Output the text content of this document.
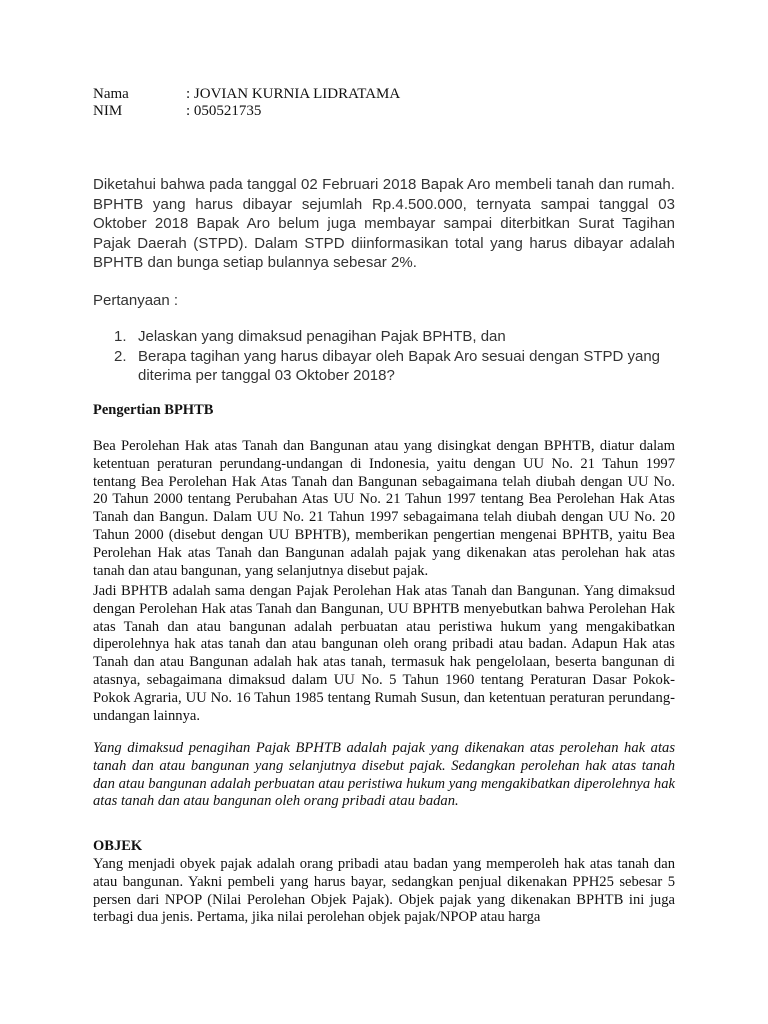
Nama	: JOVIAN KURNIA LIDRATAMA
NIM	: 050521735

Diketahui bahwa pada tanggal 02 Februari 2018 Bapak Aro membeli tanah dan rumah. BPHTB yang harus dibayar sejumlah Rp.4.500.000, ternyata sampai tanggal 03 Oktober 2018 Bapak Aro belum juga membayar sampai diterbitkan Surat Tagihan Pajak Daerah (STPD). Dalam STPD diinformasikan total yang harus dibayar adalah BPHTB dan bunga setiap bulannya sebesar 2%.

Pertanyaan :
1. Jelaskan yang dimaksud penagihan Pajak BPHTB, dan
2. Berapa tagihan yang harus dibayar oleh Bapak Aro sesuai dengan STPD yang diterima per tanggal 03 Oktober 2018?
Pengertian BPHTB

Bea Perolehan Hak atas Tanah dan Bangunan atau yang disingkat dengan BPHTB, diatur dalam ketentuan peraturan perundang-undangan di Indonesia, yaitu dengan UU No. 21 Tahun 1997 tentang Bea Perolehan Hak Atas Tanah dan Bangunan sebagaimana telah diubah dengan UU No. 20 Tahun 2000 tentang Perubahan Atas UU No. 21 Tahun 1997 tentang Bea Perolehan Hak Atas Tanah dan Bangun. Dalam UU No. 21 Tahun 1997 sebagaimana telah diubah dengan UU No. 20 Tahun 2000 (disebut dengan UU BPHTB), memberikan pengertian mengenai BPHTB, yaitu Bea Perolehan Hak atas Tanah dan Bangunan adalah pajak yang dikenakan atas perolehan hak atas tanah dan atau bangunan, yang selanjutnya disebut pajak.

Jadi BPHTB adalah sama dengan Pajak Perolehan Hak atas Tanah dan Bangunan. Yang dimaksud dengan Perolehan Hak atas Tanah dan Bangunan, UU BPHTB menyebutkan bahwa Perolehan Hak atas Tanah dan atau bangunan adalah perbuatan atau peristiwa hukum yang mengakibatkan diperolehnya hak atas tanah dan atau bangunan oleh orang pribadi atau badan. Adapun Hak atas Tanah dan atau Bangunan adalah hak atas tanah, termasuk hak pengelolaan, beserta bangunan di atasnya, sebagaimana dimaksud dalam UU No. 5 Tahun 1960 tentang Peraturan Dasar Pokok-Pokok Agraria, UU No. 16 Tahun 1985 tentang Rumah Susun, dan ketentuan peraturan perundang- undangan lainnya.

Yang dimaksud penagihan Pajak BPHTB adalah pajak yang dikenakan atas perolehan hak atas tanah dan atau bangunan yang selanjutnya disebut pajak. Sedangkan perolehan hak atas tanah dan atau bangunan adalah perbuatan atau peristiwa hukum yang mengakibatkan diperolehnya hak atas tanah dan atau bangunan oleh orang pribadi atau badan.

OBJEK

Yang menjadi obyek pajak adalah orang pribadi atau badan yang memperoleh hak atas tanah dan atau bangunan. Yakni pembeli yang harus bayar, sedangkan penjual dikenakan PPH25 sebesar 5 persen dari NPOP (Nilai Perolehan Objek Pajak). Objek pajak yang dikenakan BPHTB ini juga terbagi dua jenis. Pertama, jika nilai perolehan objek pajak/NPOP atau harga
